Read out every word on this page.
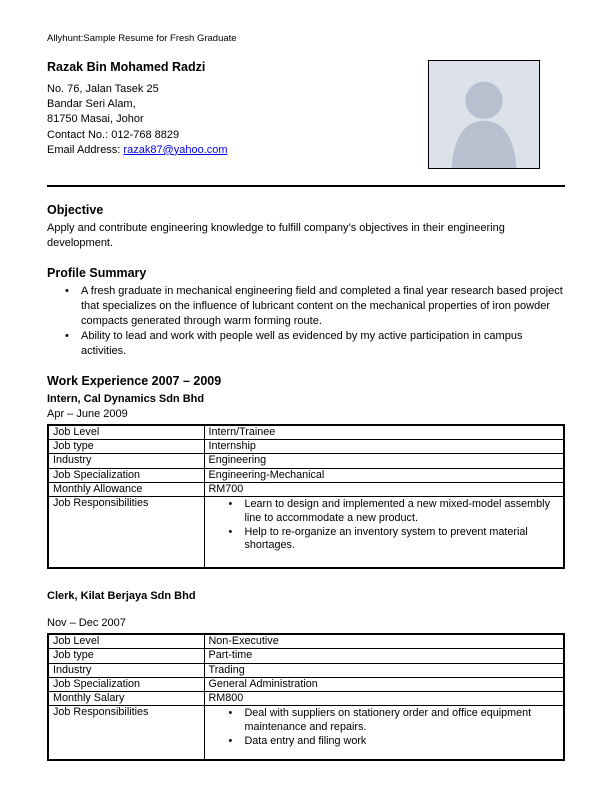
Allyhunt:Sample Resume for Fresh Graduate
Razak Bin Mohamed Radzi
No. 76, Jalan Tasek 25
Bandar Seri Alam,
81750 Masai, Johor
Contact No.: 012-768 8829
Email Address: razak87@yahoo.com
Objective
Apply and contribute engineering knowledge to fulfill company’s objectives in their engineering development.
Profile Summary
•	A fresh graduate in mechanical engineering field and completed a final year research based project that specializes on the influence of lubricant content on the mechanical properties of iron powder compacts generated through warm forming route.
•	Ability to lead and work with people well as evidenced by my active participation in campus activities.
Work Experience 2007 – 2009
Intern, Cal Dynamics Sdn Bhd
Apr – June 2009
Job Level	Intern/Trainee
Job type	Internship
Industry	Engineering
Job Specialization	Engineering-Mechanical
Monthly Allowance	RM700
Job Responsibilities	• Learn to design and implemented a new mixed-model assembly line to accommodate a new product.
• Help to re-organize an inventory system to prevent material shortages.
Clerk, Kilat Berjaya Sdn Bhd
Nov – Dec 2007
Job Level	Non-Executive
Job type	Part-time
Industry	Trading
Job Specialization	General Administration
Monthly Salary	RM800
Job Responsibilities	• Deal with suppliers on stationery order and office equipment maintenance and repairs.
• Data entry and filing work
